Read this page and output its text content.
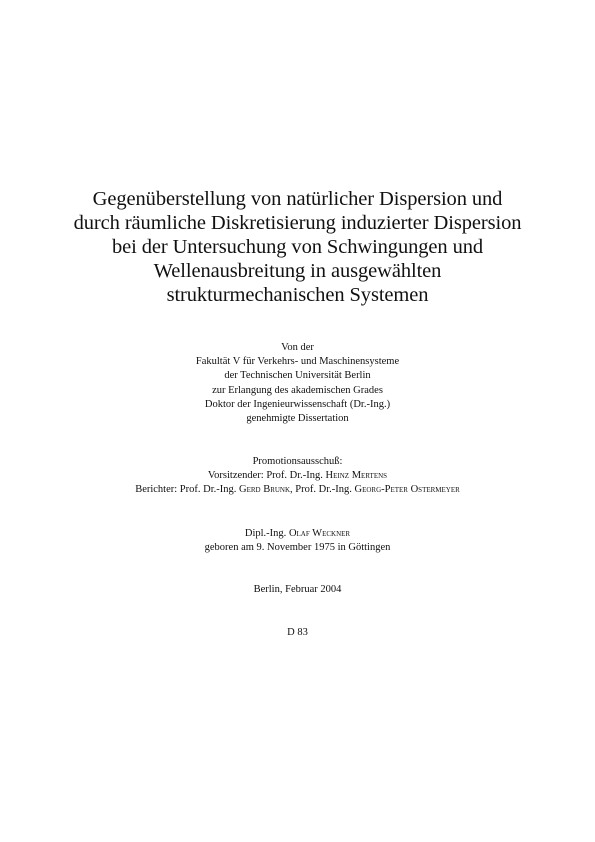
Gegenüberstellung von natürlicher Dispersion und
durch räumliche Diskretisierung induzierter Dispersion
bei der Untersuchung von Schwingungen und
Wellenausbreitung in ausgewählten
strukturmechanischen Systemen
Von der
Fakultät V für Verkehrs- und Maschinensysteme
der Technischen Universität Berlin
zur Erlangung des akademischen Grades
Doktor der Ingenieurwissenschaft (Dr.-Ing.)
genehmigte Dissertation
Promotionsausschuß:
Vorsitzender: Prof. Dr.-Ing. Heinz Mertens
Berichter: Prof. Dr.-Ing. Gerd Brunk, Prof. Dr.-Ing. Georg-Peter Ostermeyer
Dipl.-Ing. Olaf Weckner
geboren am 9. November 1975 in Göttingen
Berlin, Februar 2004
D 83
